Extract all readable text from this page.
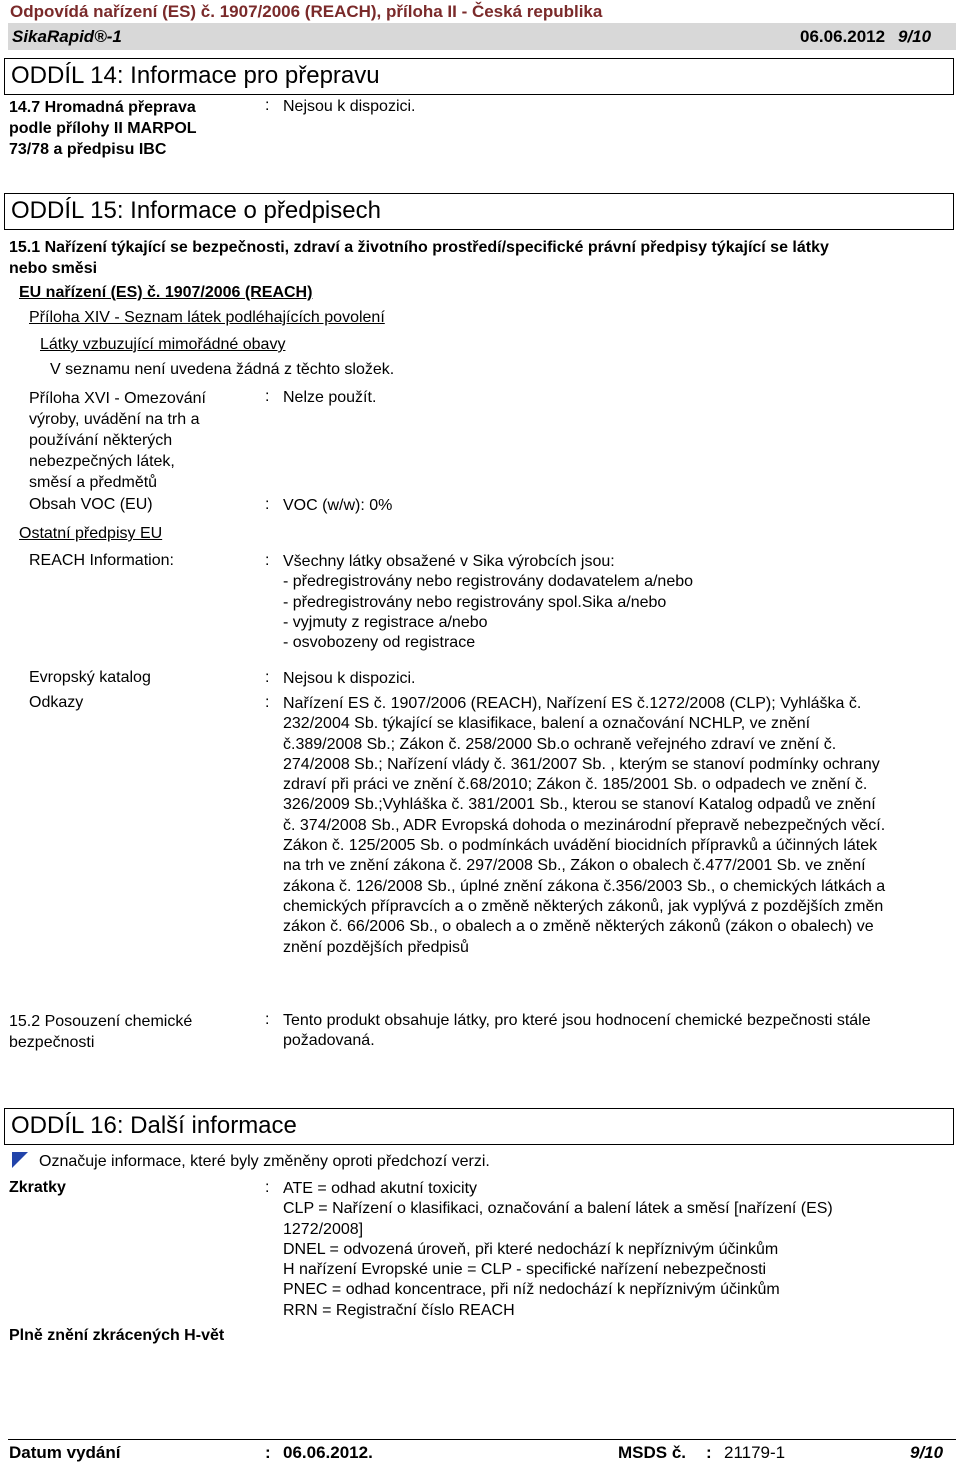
Odpovídá nařízení (ES) č. 1907/2006 (REACH), příloha II - Česká republika
SikaRapid®-1	06.06.2012 9/10
ODDÍL 14: Informace pro přepravu
14.7 Hromadná přeprava
podle přílohy II MARPOL
73/78 a předpisu IBC
: Nejsou k dispozici.
ODDÍL 15: Informace o předpisech
15.1 Nařízení týkající se bezpečnosti, zdraví a životního prostředí/specifické právní předpisy týkající se látky
nebo směsi
EU nařízení (ES) č. 1907/2006 (REACH)
Příloha XIV - Seznam látek podléhajících povolení
Látky vzbuzující mimořádné obavy
V seznamu není uvedena žádná z těchto složek.
Příloha XVI - Omezování
výroby, uvádění na trh a
používání některých
nebezpečných látek,
směsí a předmětů
: Nelze použít.
Obsah VOC (EU)	: VOC (w/w): 0%
Ostatní předpisy EU
REACH Information:	: Všechny látky obsažené v Sika výrobcích jsou:
- předregistrovány nebo registrovány dodavatelem a/nebo
- předregistrovány nebo registrovány spol.Sika a/nebo
- vyjmuty z registrace a/nebo
- osvobozeny od registrace
Evropský katalog	: Nejsou k dispozici.
Odkazy	: Nařízení ES č. 1907/2006 (REACH), Nařízení ES č.1272/2008 (CLP); Vyhláška č.
232/2004 Sb. týkající se klasifikace, balení a označování NCHLP, ve znění
č.389/2008 Sb.; Zákon č. 258/2000 Sb.o ochraně veřejného zdraví ve znění č.
274/2008 Sb.; Nařízení vlády č. 361/2007 Sb. , kterým se stanoví podmínky ochrany
zdraví při práci ve znění č.68/2010; Zákon č. 185/2001 Sb. o odpadech ve znění č.
326/2009 Sb.;Vyhláška č. 381/2001 Sb., kterou se stanoví Katalog odpadů ve znění
č. 374/2008 Sb., ADR Evropská dohoda o mezinárodní přepravě nebezpečných věcí.
Zákon č. 125/2005 Sb. o podmínkách uvádění biocidních přípravků a účinných látek
na trh ve znění zákona č. 297/2008 Sb., Zákon o obalech č.477/2001 Sb. ve znění
zákona č. 126/2008 Sb., úplné znění zákona č.356/2003 Sb., o chemických látkách a
chemických přípravcích a o změně některých zákonů, jak vyplývá z pozdějších změn
zákon č. 66/2006 Sb., o obalech a o změně některých zákonů (zákon o obalech) ve
znění pozdějších předpisů
15.2 Posouzení chemické
bezpečnosti
: Tento produkt obsahuje látky, pro které jsou hodnocení chemické bezpečnosti stále
požadovaná.
ODDÍL 16: Další informace
Označuje informace, které byly změněny oproti předchozí verzi.
Zkratky	: ATE = odhad akutní toxicity
CLP = Nařízení o klasifikaci, označování a balení látek a směsí [nařízení (ES)
1272/2008]
DNEL = odvozená úroveň, při které nedochází k nepříznivým účinkům
H nařízení Evropské unie = CLP - specifické nařízení nebezpečnosti
PNEC = odhad koncentrace, při níž nedochází k nepříznivým účinkům
RRN = Registrační číslo REACH
Plně znění zkrácených H-vět
Datum vydání	: 06.06.2012.	MSDS č. : 21179-1	9/10
